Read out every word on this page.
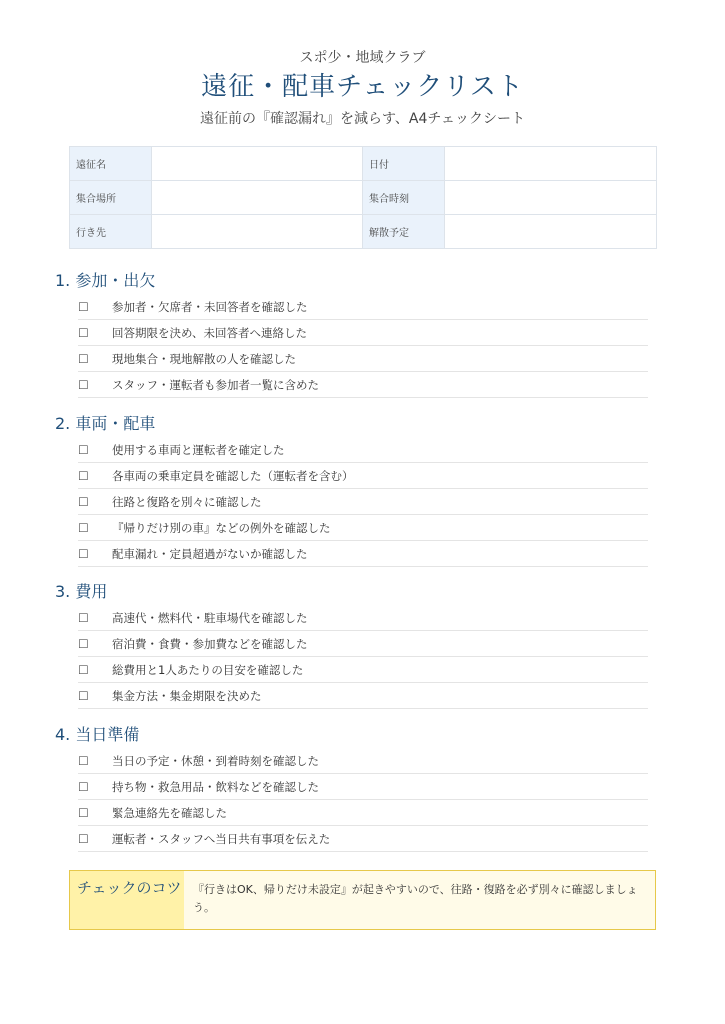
スポ少・地域クラブ
遠征・配車チェックリスト
遠征前の『確認漏れ』を減らす、A4チェックシート
遠征名		日付	
集合場所		集合時刻	
行き先		解散予定	
1. 参加・出欠
☐	参加者・欠席者・未回答者を確認した
☐	回答期限を決め、未回答者へ連絡した
☐	現地集合・現地解散の人を確認した
☐	スタッフ・運転者も参加者一覧に含めた
2. 車両・配車
☐	使用する車両と運転者を確定した
☐	各車両の乗車定員を確認した（運転者を含む）
☐	往路と復路を別々に確認した
☐	『帰りだけ別の車』などの例外を確認した
☐	配車漏れ・定員超過がないか確認した
3. 費用
☐	高速代・燃料代・駐車場代を確認した
☐	宿泊費・食費・参加費などを確認した
☐	総費用と1人あたりの目安を確認した
☐	集金方法・集金期限を決めた
4. 当日準備
☐	当日の予定・休憩・到着時刻を確認した
☐	持ち物・救急用品・飲料などを確認した
☐	緊急連絡先を確認した
☐	運転者・スタッフへ当日共有事項を伝えた
チェックのコツ	『行きはOK、帰りだけ未設定』が起きやすいので、往路・復路を必ず別々に確認しましょう。
